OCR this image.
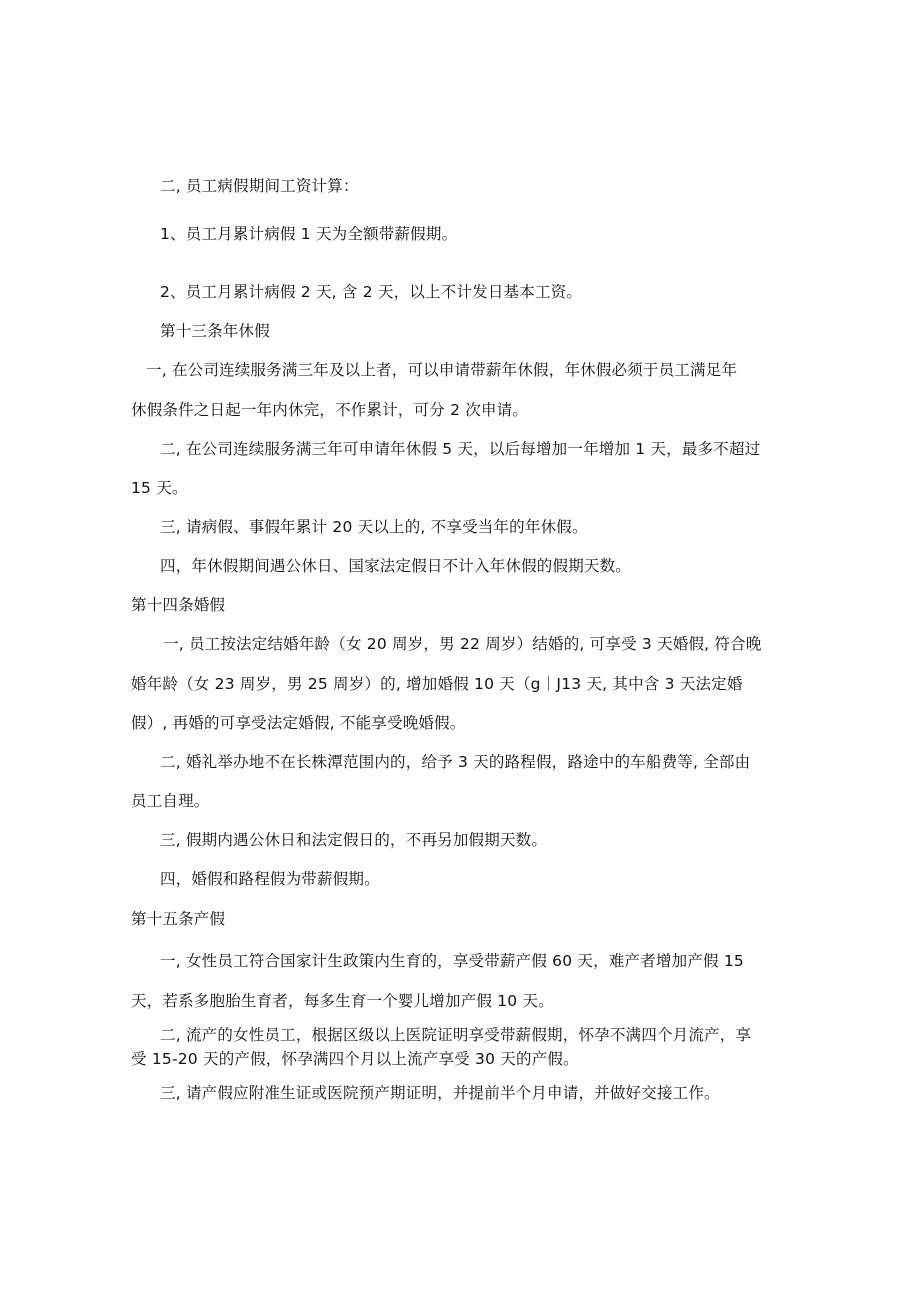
二, 员工病假期间工资计算：
1、员工月累计病假 1 天为全额带薪假期。
2、员工月累计病假 2 天, 含 2 天，以上不计发日基本工资。
第十三条年休假
一, 在公司连续服务满三年及以上者，可以申请带薪年休假，年休假必须于员工满足年
休假条件之日起一年内休完，不作累计，可分 2 次申请。
二, 在公司连续服务满三年可申请年休假 5 天，以后每增加一年增加 1 天，最多不超过
15 天。
三, 请病假、事假年累计 20 天以上的, 不享受当年的年休假。
四，年休假期间遇公休日、国家法定假日不计入年休假的假期天数。
第十四条婚假
一, 员工按法定结婚年龄（女 20 周岁，男 22 周岁）结婚的, 可享受 3 天婚假, 符合晚
婚年龄（女 23 周岁，男 25 周岁）的, 增加婚假 10 天（g｜J13 天, 其中含 3 天法定婚
假）, 再婚的可享受法定婚假, 不能享受晚婚假。
二, 婚礼举办地不在长株潭范围内的，给予 3 天的路程假，路途中的车船费等, 全部由
员工自理。
三, 假期内遇公休日和法定假日的，不再另加假期天数。
四，婚假和路程假为带薪假期。
第十五条产假
一, 女性员工符合国家计生政策内生育的，享受带薪产假 60 天，难产者增加产假 15
天，若系多胞胎生育者，每多生育一个婴儿增加产假 10 天。
二, 流产的女性员工，根据区级以上医院证明享受带薪假期，怀孕不满四个月流产，享
受 15-20 天的产假，怀孕满四个月以上流产享受 30 天的产假。
三, 请产假应附准生证或医院预产期证明，并提前半个月申请，并做好交接工作。
